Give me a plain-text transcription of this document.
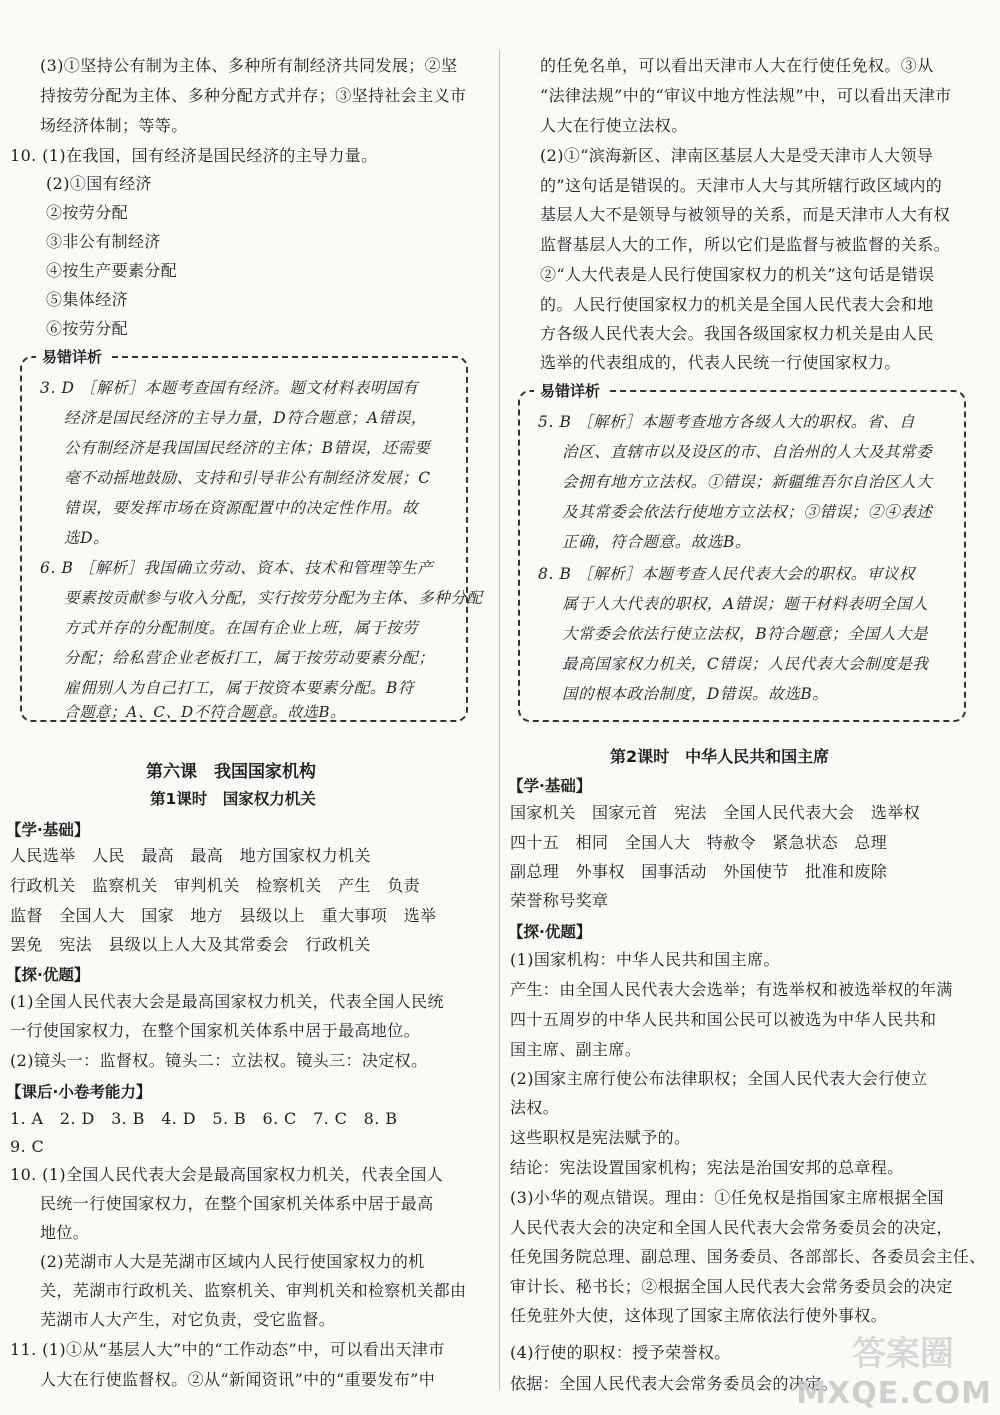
(3)①坚持公有制为主体、多种所有制经济共同发展；②坚
持按劳分配为主体、多种分配方式并存；③坚持社会主义市
场经济体制；等等。
10. (1)在我国，国有经济是国民经济的主导力量。
(2)①国有经济
②按劳分配
③非公有制经济
④按生产要素分配
⑤集体经济
⑥按劳分配
易错详析
3. D ［解析］本题考查国有经济。题文材料表明国有
经济是国民经济的主导力量，D符合题意；A错误，
公有制经济是我国国民经济的主体；B错误，还需要
毫不动摇地鼓励、支持和引导非公有制经济发展；C
错误，要发挥市场在资源配置中的决定性作用。故
选D。
6. B ［解析］我国确立劳动、资本、技术和管理等生产
要素按贡献参与收入分配，实行按劳分配为主体、多种分配
方式并存的分配制度。在国有企业上班，属于按劳
分配；给私营企业老板打工，属于按劳动要素分配；
雇佣别人为自己打工，属于按资本要素分配。B符
合题意；A、C、D不符合题意。故选B。
第六课　我国国家机构
第1课时　国家权力机关
【学·基础】
人民选举　人民　最高　最高　地方国家权力机关
行政机关　监察机关　审判机关　检察机关　产生　负责
监督　全国人大　国家　地方　县级以上　重大事项　选举
罢免　宪法　县级以上人大及其常委会　行政机关
【探·优题】
(1)全国人民代表大会是最高国家权力机关，代表全国人民统
一行使国家权力，在整个国家机关体系中居于最高地位。
(2)镜头一：监督权。镜头二：立法权。镜头三：决定权。
【课后·小卷考能力】
1. A　2. D　3. B　4. D　5. B　6. C　7. C　8. B
9. C
10. (1)全国人民代表大会是最高国家权力机关，代表全国人
民统一行使国家权力，在整个国家机关体系中居于最高
地位。
(2)芜湖市人大是芜湖市区域内人民行使国家权力的机
关，芜湖市行政机关、监察机关、审判机关和检察机关都由
芜湖市人大产生，对它负责，受它监督。
11. (1)①从“基层人大”中的“工作动态”中，可以看出天津市
人大在行使监督权。②从“新闻资讯”中的“重要发布”中
的任免名单，可以看出天津市人大在行使任免权。③从
“法律法规”中的“审议中地方性法规”中，可以看出天津市
人大在行使立法权。
(2)①“滨海新区、津南区基层人大是受天津市人大领导
的”这句话是错误的。天津市人大与其所辖行政区域内的
基层人大不是领导与被领导的关系，而是天津市人大有权
监督基层人大的工作，所以它们是监督与被监督的关系。
②“人大代表是人民行使国家权力的机关”这句话是错误
的。人民行使国家权力的机关是全国人民代表大会和地
方各级人民代表大会。我国各级国家权力机关是由人民
选举的代表组成的，代表人民统一行使国家权力。
易错详析
5. B ［解析］本题考查地方各级人大的职权。省、自
治区、直辖市以及设区的市、自治州的人大及其常委
会拥有地方立法权。①错误；新疆维吾尔自治区人大
及其常委会依法行使地方立法权；③错误；②④表述
正确，符合题意。故选B。
8. B ［解析］本题考查人民代表大会的职权。审议权
属于人大代表的职权，A错误；题干材料表明全国人
大常委会依法行使立法权，B符合题意；全国人大是
最高国家权力机关，C错误；人民代表大会制度是我
国的根本政治制度，D错误。故选B。
第2课时　中华人民共和国主席
【学·基础】
国家机关　国家元首　宪法　全国人民代表大会　选举权
四十五　相同　全国人大　特赦令　紧急状态　总理
副总理　外事权　国事活动　外国使节　批准和废除
荣誉称号奖章
【探·优题】
(1)国家机构：中华人民共和国主席。
产生：由全国人民代表大会选举；有选举权和被选举权的年满
四十五周岁的中华人民共和国公民可以被选为中华人民共和
国主席、副主席。
(2)国家主席行使公布法律职权；全国人民代表大会行使立
法权。
这些职权是宪法赋予的。
结论：宪法设置国家机构；宪法是治国安邦的总章程。
(3)小华的观点错误。理由：①任免权是指国家主席根据全国
人民代表大会的决定和全国人民代表大会常务委员会的决定，
任免国务院总理、副总理、国务委员、各部部长、各委员会主任、
审计长、秘书长；②根据全国人民代表大会常务委员会的决定
任免驻外大使，这体现了国家主席依法行使外事权。
(4)行使的职权：授予荣誉权。
依据：全国人民代表大会常务委员会的决定。
答案圈
MXQE.COM
